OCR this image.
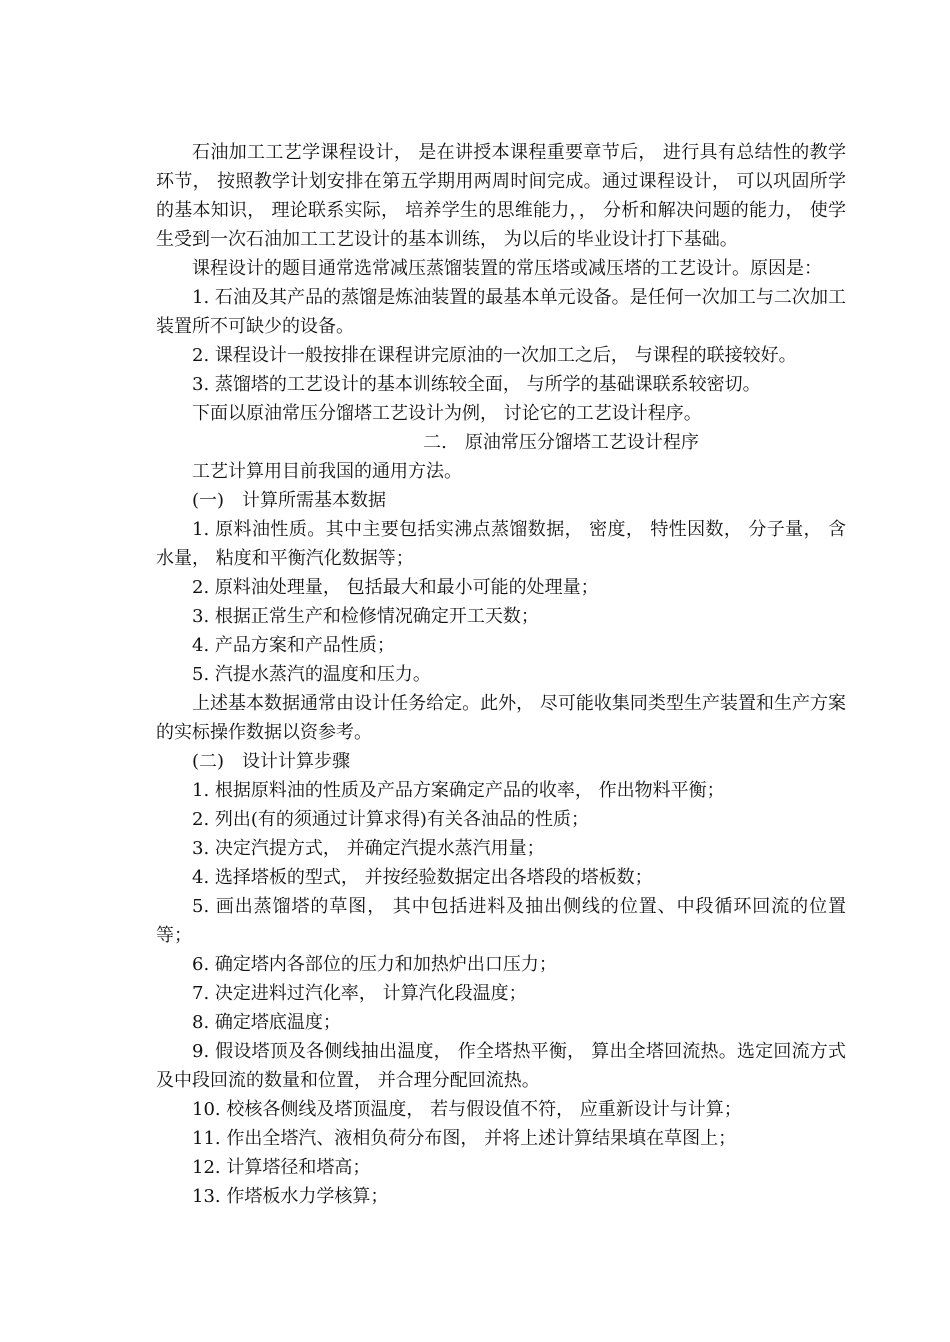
石油加工工艺学课程设计， 是在讲授本课程重要章节后， 进行具有总结性的教学环节， 按照教学计划安排在第五学期用两周时间完成。通过课程设计， 可以巩固所学的基本知识， 理论联系实际， 培养学生的思维能力，， 分析和解决问题的能力， 使学生受到一次石油加工工艺设计的基本训练， 为以后的毕业设计打下基础。

课程设计的题目通常选常减压蒸馏装置的常压塔或减压塔的工艺设计。原因是：

1. 石油及其产品的蒸馏是炼油装置的最基本单元设备。是任何一次加工与二次加工装置所不可缺少的设备。

2. 课程设计一般按排在课程讲完原油的一次加工之后， 与课程的联接较好。

3. 蒸馏塔的工艺设计的基本训练较全面， 与所学的基础课联系较密切。

下面以原油常压分馏塔工艺设计为例， 讨论它的工艺设计程序。

二.　原油常压分馏塔工艺设计程序

工艺计算用目前我国的通用方法。

(一)　计算所需基本数据

1. 原料油性质。其中主要包括实沸点蒸馏数据， 密度， 特性因数， 分子量， 含水量， 粘度和平衡汽化数据等；

2. 原料油处理量， 包括最大和最小可能的处理量；

3. 根据正常生产和检修情况确定开工天数；

4. 产品方案和产品性质；

5. 汽提水蒸汽的温度和压力。

上述基本数据通常由设计任务给定。此外， 尽可能收集同类型生产装置和生产方案的实标操作数据以资参考。

(二)　设计计算步骤

1. 根据原料油的性质及产品方案确定产品的收率， 作出物料平衡；

2. 列出(有的须通过计算求得)有关各油品的性质；

3. 决定汽提方式， 并确定汽提水蒸汽用量；

4. 选择塔板的型式， 并按经验数据定出各塔段的塔板数；

5. 画出蒸馏塔的草图， 其中包括进料及抽出侧线的位置、中段循环回流的位置等；

6. 确定塔内各部位的压力和加热炉出口压力；

7. 决定进料过汽化率， 计算汽化段温度；

8. 确定塔底温度；

9. 假设塔顶及各侧线抽出温度， 作全塔热平衡， 算出全塔回流热。选定回流方式及中段回流的数量和位置， 并合理分配回流热。

10. 校核各侧线及塔顶温度， 若与假设值不符， 应重新设计与计算；

11. 作出全塔汽、液相负荷分布图， 并将上述计算结果填在草图上；

12. 计算塔径和塔高；

13. 作塔板水力学核算；
